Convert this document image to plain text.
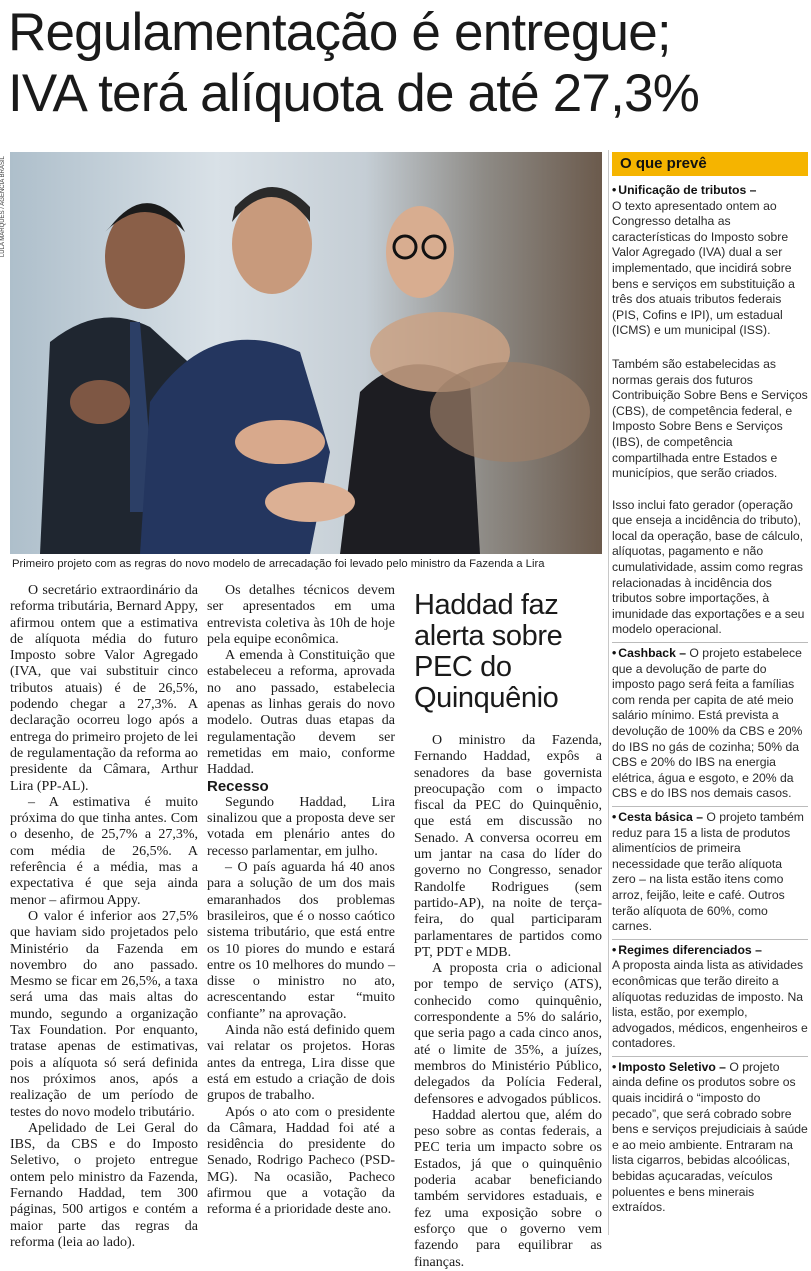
Regulamentação é entregue;
IVA terá alíquota de até 27,3%
LULA MARQUES / AGÊNCIA BRASIL
Primeiro projeto com as regras do novo modelo de arrecadação foi levado pelo ministro da Fazenda a Lira

O secretário extraordinário da reforma tributária, Bernard Appy, afirmou ontem que a estimativa de alíquota média do futuro Imposto sobre Valor Agregado (IVA, que vai substituir cinco tributos atuais) é de 26,5%, podendo chegar a 27,3%. A declaração ocorreu logo após a entrega do primeiro projeto de lei de regulamentação da reforma ao presidente da Câmara, Arthur Lira (PP-AL).

– A estimativa é muito próxima do que tinha antes. Com o desenho, de 25,7% a 27,3%, com média de 26,5%. A referência é a média, mas a expectativa é que seja ainda menor – afirmou Appy.

O valor é inferior aos 27,5% que haviam sido projetados pelo Ministério da Fazenda em novembro do ano passado. Mesmo se ficar em 26,5%, a taxa será uma das mais altas do mundo, segundo a organização Tax Foundation. Por enquanto, tratase apenas de estimativas, pois a alíquota só será definida nos próximos anos, após a realização de um período de testes do novo modelo tributário.

Apelidado de Lei Geral do IBS, da CBS e do Imposto Seletivo, o projeto entregue ontem pelo ministro da Fazenda, Fernando Haddad, tem 300 páginas, 500 artigos e contém a maior parte das regras da reforma (leia ao lado).

Os detalhes técnicos devem ser apresentados em uma entrevista coletiva às 10h de hoje pela equipe econômica.

A emenda à Constituição que estabeleceu a reforma, aprovada no ano passado, estabelecia apenas as linhas gerais do novo modelo. Outras duas etapas da regulamentação devem ser remetidas em maio, conforme Haddad.

Recesso

Segundo Haddad, Lira sinalizou que a proposta deve ser votada em plenário antes do recesso parlamentar, em julho.

– O país aguarda há 40 anos para a solução de um dos mais emaranhados dos problemas brasileiros, que é o nosso caótico sistema tributário, que está entre os 10 piores do mundo e estará entre os 10 melhores do mundo – disse o ministro no ato, acrescentando estar “muito confiante” na aprovação.

Ainda não está definido quem vai relatar os projetos. Horas antes da entrega, Lira disse que está em estudo a criação de dois grupos de trabalho.

Após o ato com o presidente da Câmara, Haddad foi até a residência do presidente do Senado, Rodrigo Pacheco (PSD-MG). Na ocasião, Pacheco afirmou que a votação da reforma é a prioridade deste ano.

Haddad faz alerta sobre PEC do Quinquênio

O ministro da Fazenda, Fernando Haddad, expôs a senadores da base governista preocupação com o impacto fiscal da PEC do Quinquênio, que está em discussão no Senado. A conversa ocorreu em um jantar na casa do líder do governo no Congresso, senador Randolfe Rodrigues (sem partido-AP), na noite de terça-feira, do qual participaram parlamentares de partidos como PT, PDT e MDB.

A proposta cria o adicional por tempo de serviço (ATS), conhecido como quinquênio, correspondente a 5% do salário, que seria pago a cada cinco anos, até o limite de 35%, a juízes, membros do Ministério Público, delegados da Polícia Federal, defensores e advogados públicos.

Haddad alertou que, além do peso sobre as contas federais, a PEC teria um impacto sobre os Estados, já que o quinquênio poderia acabar beneficiando também servidores estaduais, e fez uma exposição sobre o esforço que o governo vem fazendo para equilibrar as finanças.

O que prevê
• Unificação de tributos –
O texto apresentado ontem ao Congresso detalha as características do Imposto sobre Valor Agregado (IVA) dual a ser implementado, que incidirá sobre bens e serviços em substituição a três dos atuais tributos federais (PIS, Cofins e IPI), um estadual (ICMS) e um municipal (ISS).
Também são estabelecidas as normas gerais dos futuros Contribuição Sobre Bens e Serviços (CBS), de competência federal, e Imposto Sobre Bens e Serviços (IBS), de competência compartilhada entre Estados e municípios, que serão criados.
Isso inclui fato gerador (operação que enseja a incidência do tributo), local da operação, base de cálculo, alíquotas, pagamento e não cumulatividade, assim como regras relacionadas à incidência dos tributos sobre importações, à imunidade das exportações e a seu modelo operacional.
• Cashback – O projeto estabelece que a devolução de parte do imposto pago será feita a famílias com renda per capita de até meio salário mínimo. Está prevista a devolução de 100% da CBS e 20% do IBS no gás de cozinha; 50% da CBS e 20% do IBS na energia elétrica, água e esgoto, e 20% da CBS e do IBS nos demais casos.
• Cesta básica – O projeto também reduz para 15 a lista de produtos alimentícios de primeira necessidade que terão alíquota zero – na lista estão itens como arroz, feijão, leite e café. Outros terão alíquota de 60%, como carnes.
• Regimes diferenciados –
A proposta ainda lista as atividades econômicas que terão direito a alíquotas reduzidas de imposto. Na lista, estão, por exemplo, advogados, médicos, engenheiros e contadores.
• Imposto Seletivo – O projeto ainda define os produtos sobre os quais incidirá o “imposto do pecado”, que será cobrado sobre bens e serviços prejudiciais à saúde e ao meio ambiente. Entraram na lista cigarros, bebidas alcoólicas, bebidas açucaradas, veículos poluentes e bens minerais extraídos.
